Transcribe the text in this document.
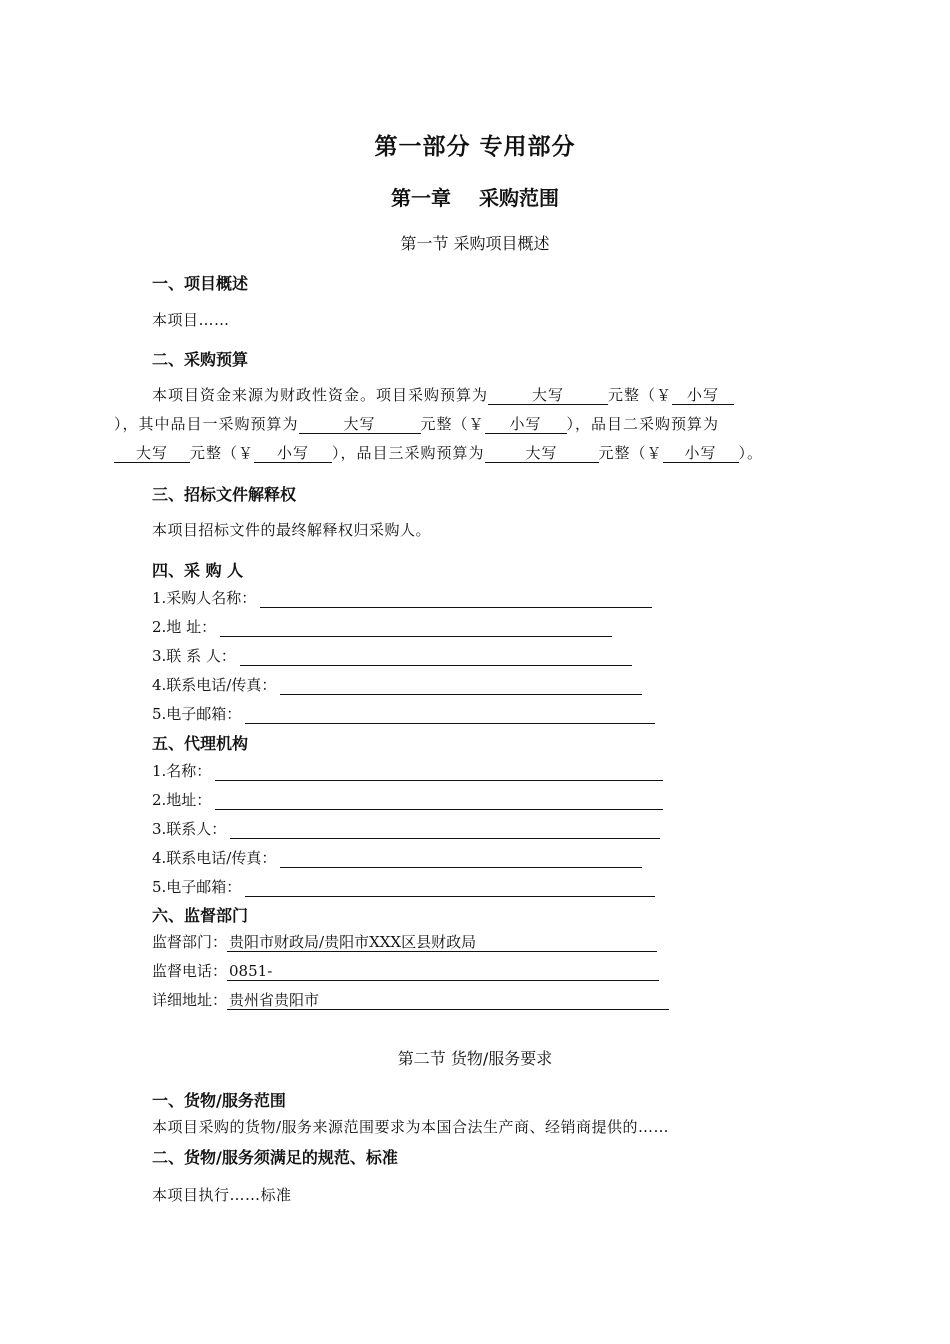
第一部分 专用部分
第一章 采购范围
第一节 采购项目概述
一、项目概述
本项目……
二、采购预算
本项目资金来源为财政性资金。项目采购预算为	大写	元整（￥ 小写
），其中品目一采购预算为	大写	元整（￥ 小写 ），品目二采购预算为
大写 元整（￥ 小写 ），品目三采购预算为	大写	元整（￥ 小写 ）。
三、招标文件解释权
本项目招标文件的最终解释权归采购人。
四、采 购 人
1.采购人名称：
2.地 址：
3.联 系 人：
4.联系电话/传真：
5.电子邮箱：
五、代理机构
1.名称：
2.地址：
3.联系人：
4.联系电话/传真：
5.电子邮箱：
六、监督部门
监督部门： 贵阳市财政局/贵阳市XXX区县财政局
监督电话： 0851-
详细地址： 贵州省贵阳市
第二节 货物/服务要求
一、货物/服务范围
本项目采购的货物/服务来源范围要求为本国合法生产商、经销商提供的……
二、货物/服务须满足的规范、标准
本项目执行……标准
